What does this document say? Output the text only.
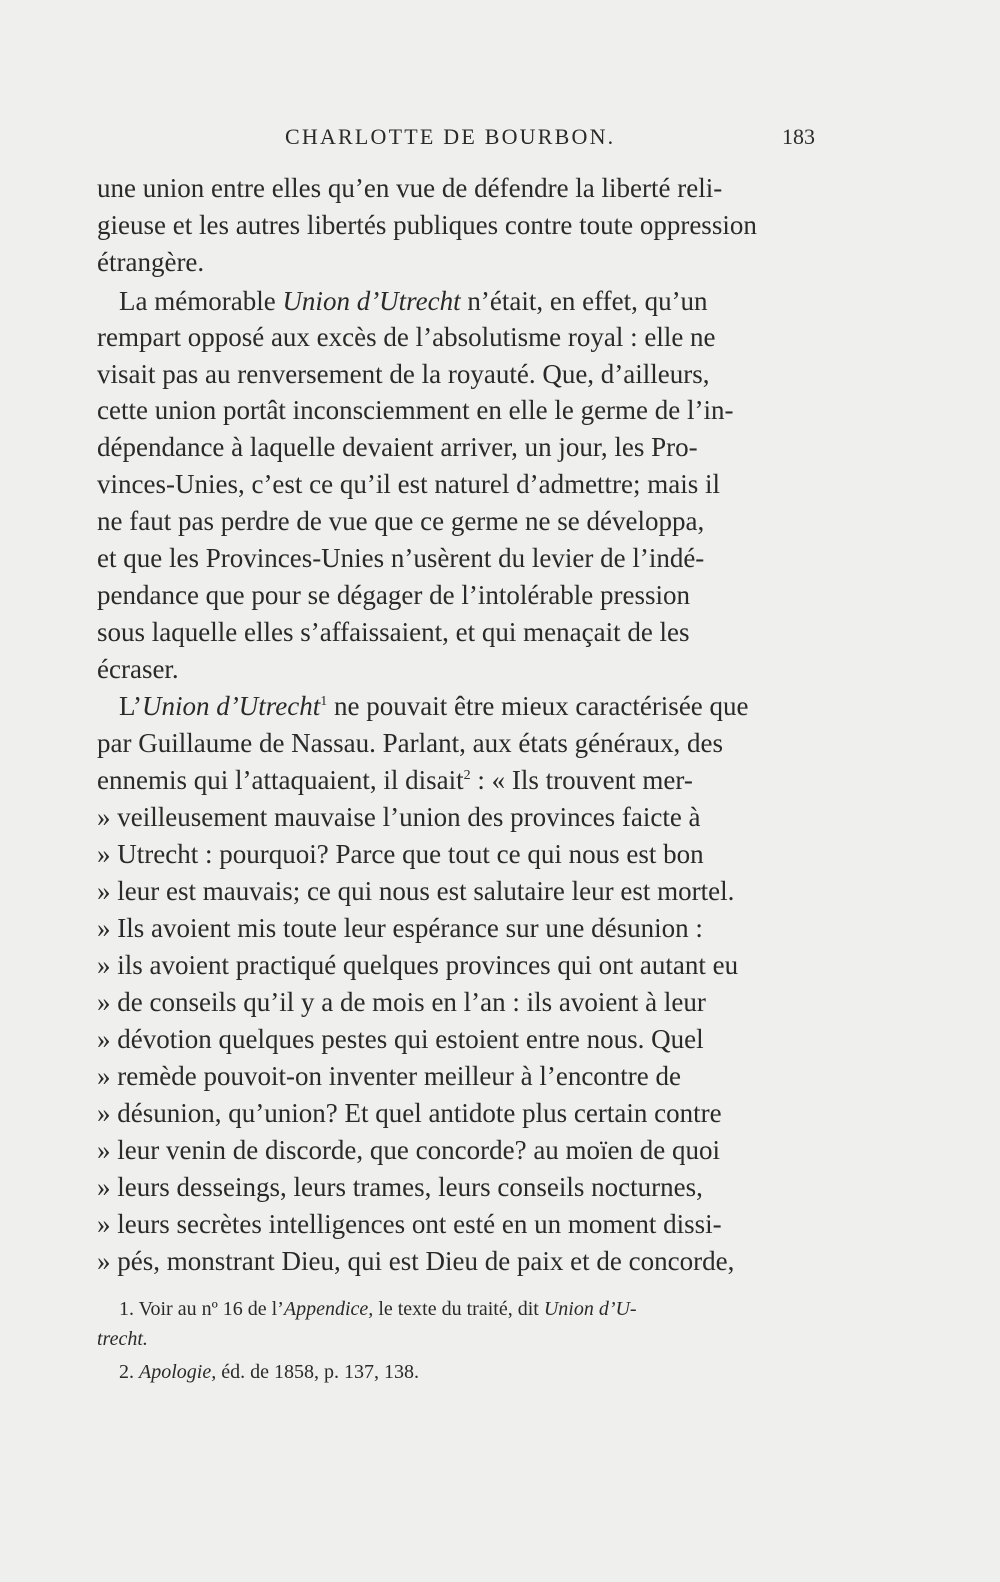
CHARLOTTE DE BOURBON.	183
une union entre elles qu’en vue de défendre la liberté reli-
gieuse et les autres libertés publiques contre toute oppression
étrangère.
La mémorable Union d’Utrecht n’était, en effet, qu’un
rempart opposé aux excès de l’absolutisme royal : elle ne
visait pas au renversement de la royauté. Que, d’ailleurs,
cette union portât inconsciemment en elle le germe de l’in-
dépendance à laquelle devaient arriver, un jour, les Pro-
vinces-Unies, c’est ce qu’il est naturel d’admettre; mais il
ne faut pas perdre de vue que ce germe ne se développa,
et que les Provinces-Unies n’usèrent du levier de l’indé-
pendance que pour se dégager de l’intolérable pression
sous laquelle elles s’affaissaient, et qui menaçait de les
écraser.
L’Union d’Utrecht$^1$ ne pouvait être mieux caractérisée que
par Guillaume de Nassau. Parlant, aux états généraux, des
ennemis qui l’attaquaient, il disait$^2$ : « Ils trouvent mer-
» veilleusement mauvaise l’union des provinces faicte à
» Utrecht : pourquoi? Parce que tout ce qui nous est bon
» leur est mauvais; ce qui nous est salutaire leur est mortel.
» Ils avoient mis toute leur espérance sur une désunion :
» ils avoient practiqué quelques provinces qui ont autant eu
» de conseils qu’il y a de mois en l’an : ils avoient à leur
» dévotion quelques pestes qui estoient entre nous. Quel
» remède pouvoit-on inventer meilleur à l’encontre de
» désunion, qu’union? Et quel antidote plus certain contre
» leur venin de discorde, que concorde? au moïen de quoi
» leurs desseings, leurs trames, leurs conseils nocturnes,
» leurs secrètes intelligences ont esté en un moment dissi-
» pés, monstrant Dieu, qui est Dieu de paix et de concorde,
1. Voir au nº 16 de l’Appendice, le texte du traité, dit Union d’U-
trecht.
2. Apologie, éd. de 1858, p. 137, 138.
